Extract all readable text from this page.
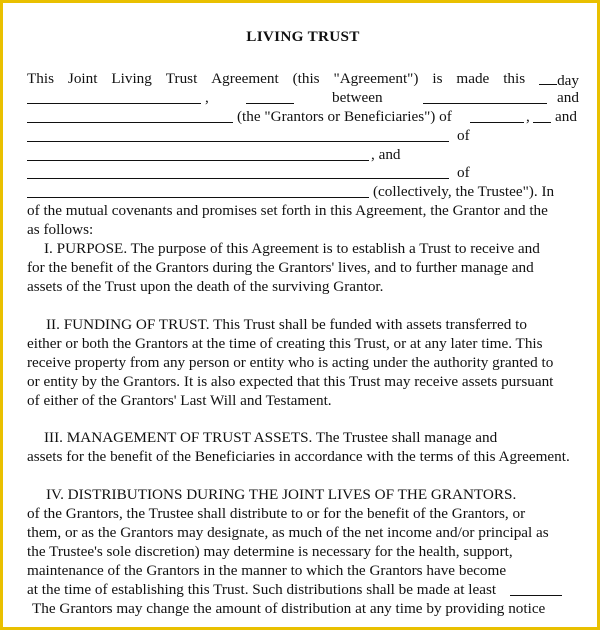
LIVING TRUST
This Joint Living Trust Agreement (this "Agreement") is made this	day
,	between	and
(the "Grantors or Beneficiaries") of	, and
of
, and
of
(collectively, the Trustee"). In
of the mutual covenants and promises set forth in this Agreement, the Grantor and the
as follows:
I. PURPOSE. The purpose of this Agreement is to establish a Trust to receive and
for the benefit of the Grantors during the Grantors' lives, and to further manage and
assets of the Trust upon the death of the surviving Grantor.
II. FUNDING OF TRUST. This Trust shall be funded with assets transferred to
either or both the Grantors at the time of creating this Trust, or at any later time. This
receive property from any person or entity who is acting under the authority granted to
or entity by the Grantors. It is also expected that this Trust may receive assets pursuant
of either of the Grantors' Last Will and Testament.
III. MANAGEMENT OF TRUST ASSETS. The Trustee shall manage and
assets for the benefit of the Beneficiaries in accordance with the terms of this Agreement.
IV. DISTRIBUTIONS DURING THE JOINT LIVES OF THE GRANTORS.
of the Grantors, the Trustee shall distribute to or for the benefit of the Grantors, or
them, or as the Grantors may designate, as much of the net income and/or principal as
the Trustee's sole discretion) may determine is necessary for the health, support,
maintenance of the Grantors in the manner to which the Grantors have become
at the time of establishing this Trust. Such distributions shall be made at least
The Grantors may change the amount of distribution at any time by providing notice
